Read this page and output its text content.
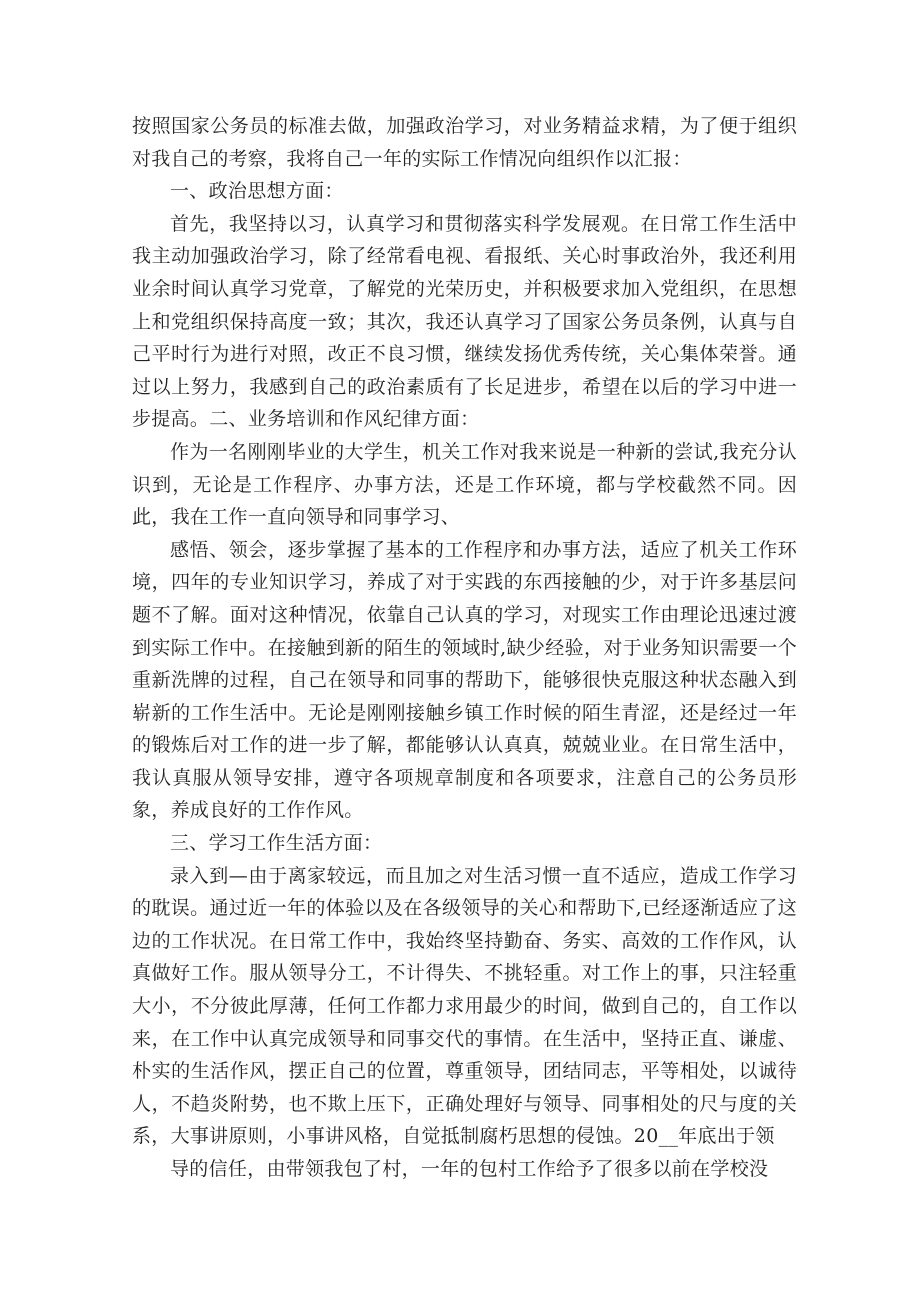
按照国家公务员的标准去做，加强政治学习，对业务精益求精，为了便于组织对我自己的考察，我将自己一年的实际工作情况向组织作以汇报：

一、政治思想方面：

首先，我坚持以习，认真学习和贯彻落实科学发展观。在日常工作生活中我主动加强政治学习，除了经常看电视、看报纸、关心时事政治外，我还利用业余时间认真学习党章，了解党的光荣历史，并积极要求加入党组织，在思想上和党组织保持高度一致；其次，我还认真学习了国家公务员条例，认真与自己平时行为进行对照，改正不良习惯，继续发扬优秀传统，关心集体荣誉。通过以上努力，我感到自己的政治素质有了长足进步，希望在以后的学习中进一步提高。二、业务培训和作风纪律方面：

作为一名刚刚毕业的大学生，机关工作对我来说是一种新的尝试,我充分认识到，无论是工作程序、办事方法，还是工作环境，都与学校截然不同。因此，我在工作一直向领导和同事学习、

感悟、领会，逐步掌握了基本的工作程序和办事方法，适应了机关工作环境，四年的专业知识学习，养成了对于实践的东西接触的少，对于许多基层问题不了解。面对这种情况，依靠自己认真的学习，对现实工作由理论迅速过渡到实际工作中。在接触到新的陌生的领域时,缺少经验，对于业务知识需要一个重新洗牌的过程，自己在领导和同事的帮助下，能够很快克服这种状态融入到崭新的工作生活中。无论是刚刚接触乡镇工作时候的陌生青涩，还是经过一年的锻炼后对工作的进一步了解，都能够认认真真，兢兢业业。在日常生活中，我认真服从领导安排，遵守各项规章制度和各项要求，注意自己的公务员形象，养成良好的工作作风。

三、学习工作生活方面：

录入到—由于离家较远，而且加之对生活习惯一直不适应，造成工作学习的耽误。通过近一年的体验以及在各级领导的关心和帮助下,已经逐渐适应了这边的工作状况。在日常工作中，我始终坚持勤奋、务实、高效的工作作风，认真做好工作。服从领导分工，不计得失、不挑轻重。对工作上的事，只注轻重大小，不分彼此厚薄，任何工作都力求用最少的时间，做到自己的，自工作以来，在工作中认真完成领导和同事交代的事情。在生活中，坚持正直、谦虚、朴实的生活作风，摆正自己的位置，尊重领导，团结同志，平等相处，以诚待人，不趋炎附势，也不欺上压下，正确处理好与领导、同事相处的尺与度的关系，大事讲原则，小事讲风格，自觉抵制腐朽思想的侵蚀。20__年底出于领

导的信任，由带领我包了村，一年的包村工作给予了很多以前在学校没
